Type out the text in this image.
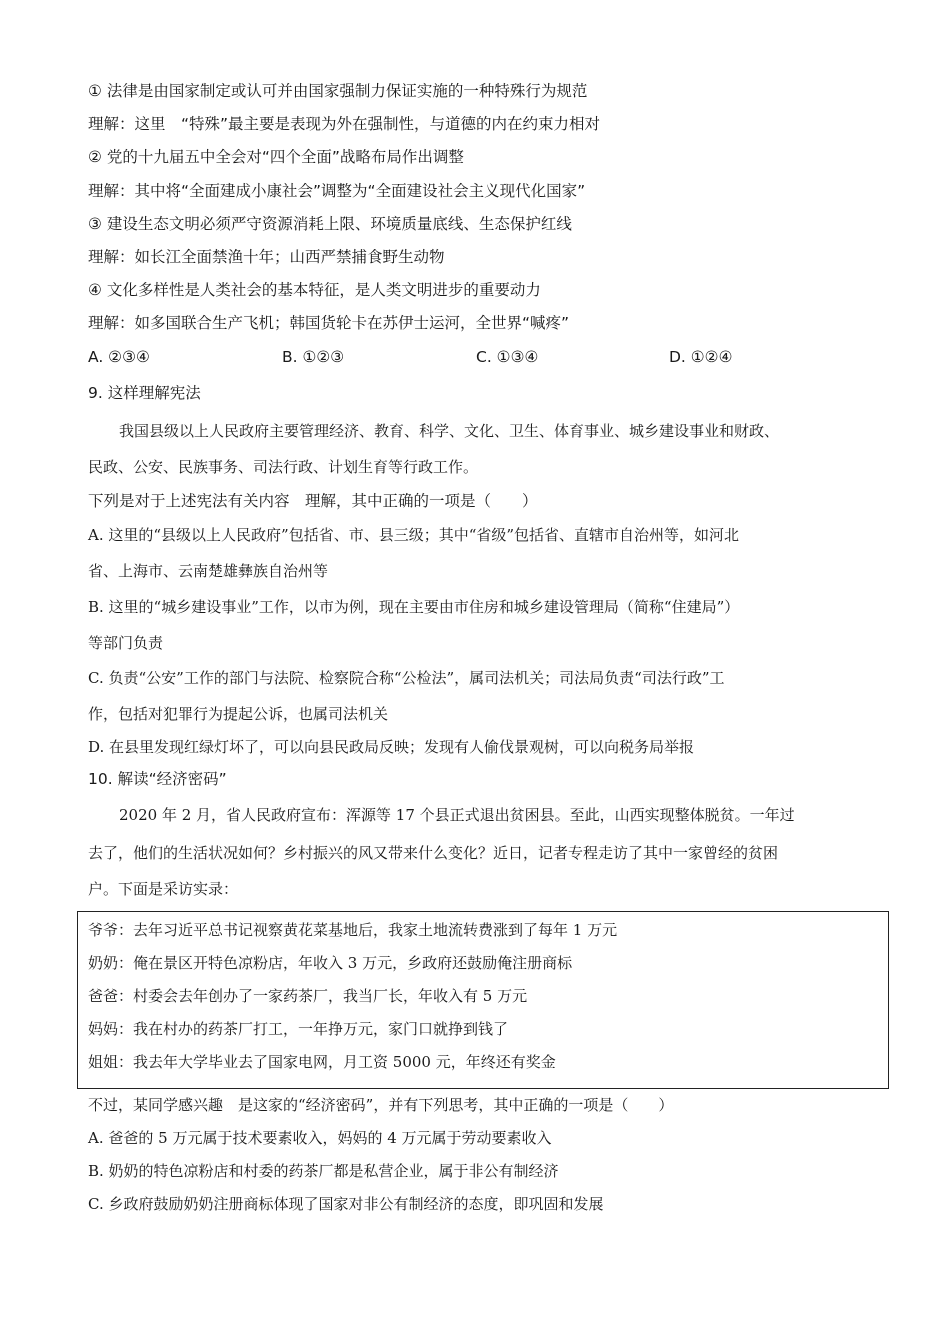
① 法律是由国家制定或认可并由国家强制力保证实施的一种特殊行为规范
理解：这里　“特殊”最主要是表现为外在强制性，与道德的内在约束力相对
② 党的十九届五中全会对“四个全面”战略布局作出调整
理解：其中将“全面建成小康社会”调整为“全面建设社会主义现代化国家”
③ 建设生态文明必须严守资源消耗上限、环境质量底线、生态保护红线
理解：如长江全面禁渔十年；山西严禁捕食野生动物
④ 文化多样性是人类社会的基本特征，是人类文明进步的重要动力
理解：如多国联合生产飞机；韩国货轮卡在苏伊士运河，全世界“喊疼”
A. ②③④	B. ①②③	C. ①③④	D. ①②④
9. 这样理解宪法
我国县级以上人民政府主要管理经济、教育、科学、文化、卫生、体育事业、城乡建设事业和财政、
民政、公安、民族事务、司法行政、计划生育等行政工作。
下列是对于上述宪法有关内容　理解，其中正确的一项是（　　）
A. 这里的“县级以上人民政府”包括省、市、县三级；其中“省级”包括省、直辖市自治州等，如河北
省、上海市、云南楚雄彝族自治州等
B. 这里的“城乡建设事业”工作，以市为例，现在主要由市住房和城乡建设管理局（简称“住建局”）
等部门负责
C. 负责“公安”工作的部门与法院、检察院合称“公检法”，属司法机关；司法局负责“司法行政”工
作，包括对犯罪行为提起公诉，也属司法机关
D. 在县里发现红绿灯坏了，可以向县民政局反映；发现有人偷伐景观树，可以向税务局举报
10. 解读“经济密码”
2020 年 2 月，省人民政府宣布：浑源等 17 个县正式退出贫困县。至此，山西实现整体脱贫。一年过
去了，他们的生活状况如何？乡村振兴的风又带来什么变化？近日，记者专程走访了其中一家曾经的贫困
户。下面是采访实录：
爷爷：去年习近平总书记视察黄花菜基地后，我家土地流转费涨到了每年 1 万元
奶奶：俺在景区开特色凉粉店，年收入 3 万元，乡政府还鼓励俺注册商标
爸爸：村委会去年创办了一家药茶厂，我当厂长，年收入有 5 万元
妈妈：我在村办的药茶厂打工，一年挣万元，家门口就挣到钱了
姐姐：我去年大学毕业去了国家电网，月工资 5000 元，年终还有奖金
不过，某同学感兴趣　是这家的“经济密码”，并有下列思考，其中正确的一项是（　　）
A. 爸爸的 5 万元属于技术要素收入，妈妈的 4 万元属于劳动要素收入
B. 奶奶的特色凉粉店和村委的药茶厂都是私营企业，属于非公有制经济
C. 乡政府鼓励奶奶注册商标体现了国家对非公有制经济的态度，即巩固和发展
